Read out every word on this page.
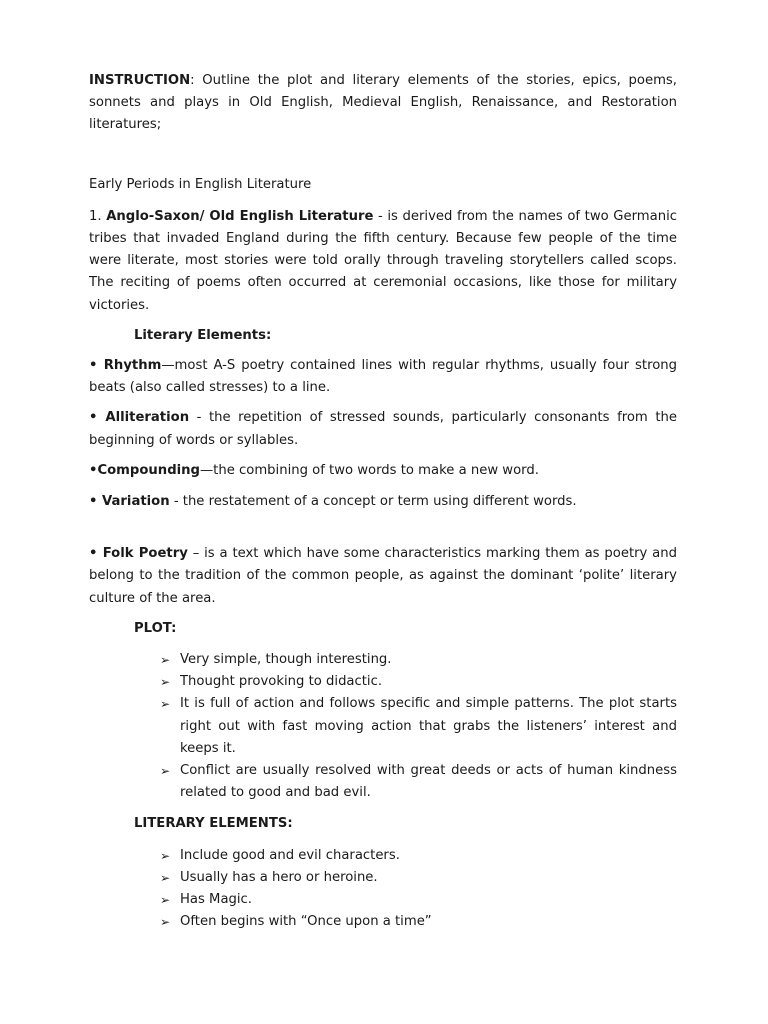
INSTRUCTION: Outline the plot and literary elements of the stories, epics, poems, sonnets and plays in Old English, Medieval English, Renaissance, and Restoration literatures;

Early Periods in English Literature

1. Anglo-Saxon/ Old English Literature - is derived from the names of two Germanic tribes that invaded England during the fifth century. Because few people of the time were literate, most stories were told orally through traveling storytellers called scops. The reciting of poems often occurred at ceremonial occasions, like those for military victories.

Literary Elements:

• Rhythm—most A-S poetry contained lines with regular rhythms, usually four strong beats (also called stresses) to a line.

• Alliteration - the repetition of stressed sounds, particularly consonants from the beginning of words or syllables.

•Compounding—the combining of two words to make a new word.

• Variation - the restatement of a concept or term using different words.

• Folk Poetry – is a text which have some characteristics marking them as poetry and belong to the tradition of the common people, as against the dominant ‘polite’ literary culture of the area.

PLOT:

➢ Very simple, though interesting.
➢ Thought provoking to didactic.
➢ It is full of action and follows specific and simple patterns. The plot starts right out with fast moving action that grabs the listeners’ interest and keeps it.
➢ Conflict are usually resolved with great deeds or acts of human kindness related to good and bad evil.

LITERARY ELEMENTS:

➢ Include good and evil characters.
➢ Usually has a hero or heroine.
➢ Has Magic.
➢ Often begins with “Once upon a time”
